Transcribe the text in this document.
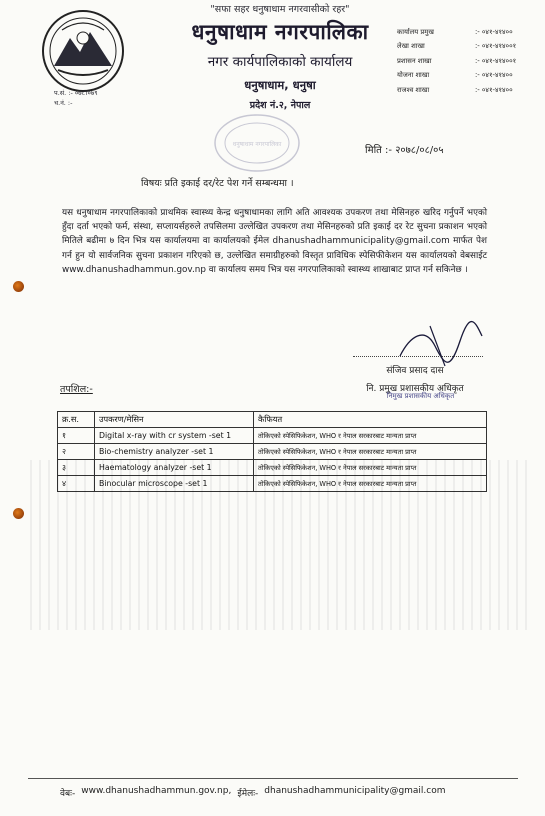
"सफा सहर धनुषाधाम नगरवासीको रहर"
प.सं. :- ०७८।०७९
च.नं. :-
धनुषाधाम नगरपालिका
नगर कार्यपालिकाको कार्यालय
धनुषाधाम, धनुषा
प्रदेश नं.२, नेपाल
कार्यालय प्रमुख	:- ०४१-४१४००
लेखा शाखा	:- ०४१-४१४००१
प्रशासन शाखा	:- ०४१-४१४००१
योजना शाखा	:- ०४१-४१४००
राजश्व शाखा	:- ०४१-४१४००
धनुषाधाम नगरपालिका
मिति :- २०७८/०८/०५
विषयः प्रति इकाई दर/रेट पेश गर्ने सम्बन्धमा ।
यस धनुषाधाम नगरपालिकाको प्राथमिक स्वास्थ्य केन्द्र धनुषाधामका लागि अति आवश्यक उपकरण तथा मेसिनहरु खरिद गर्नुपर्ने भएको हुँदा दर्ता भएको फर्म, संस्था, सप्लायर्सहरुले तपसिलमा उल्लेखित उपकरण तथा मेसिनहरुको प्रति इकाई दर रेट सुचना प्रकाशन भएको मितिले बढीमा ७ दिन भित्र यस कार्यालयमा वा कार्यालयको ईमेल dhanushadhammunicipality@gmail.com मार्फत पेश गर्न हुन यो सार्वजनिक सुचना प्रकाशन गरिएको छ, उल्लेखित समाग्रीहरुको विस्तृत प्राविधिक स्पेसिफीकेशन यस कार्यालयको वेबसाईट www.dhanushadhammun.gov.np वा कार्यालय समय भित्र यस नगरपालिकाको स्वास्थ्य शाखाबाट प्राप्त गर्न सकिनेछ ।
संजिव प्रसाद दास
नि. प्रमुख प्रशासकीय अधिकृत
निमुख प्रशासकीय अधिकृत
तपशिल:-
क्र.स.	उपकरण/मेसिन	कैफियत
१	Digital x-ray with cr system -set 1	तोकिएको स्पेसिफिकेशन, WHO र नेपाल सरकारबाट मान्यता प्राप्त
२	Bio-chemistry analyzer -set 1	तोकिएको स्पेसिफिकेशन, WHO र नेपाल सरकारबाट मान्यता प्राप्त
३	Haematology analyzer -set 1	तोकिएको स्पेसिफिकेशन, WHO र नेपाल सरकारबाट मान्यता प्राप्त
४	Binocular microscope -set 1	तोकिएको स्पेसिफिकेशन, WHO र नेपाल सरकारबाट मान्यता प्राप्त
वेबः- www.dhanushadhammun.gov.np, ईमेलः- dhanushadhammunicipality@gmail.com
